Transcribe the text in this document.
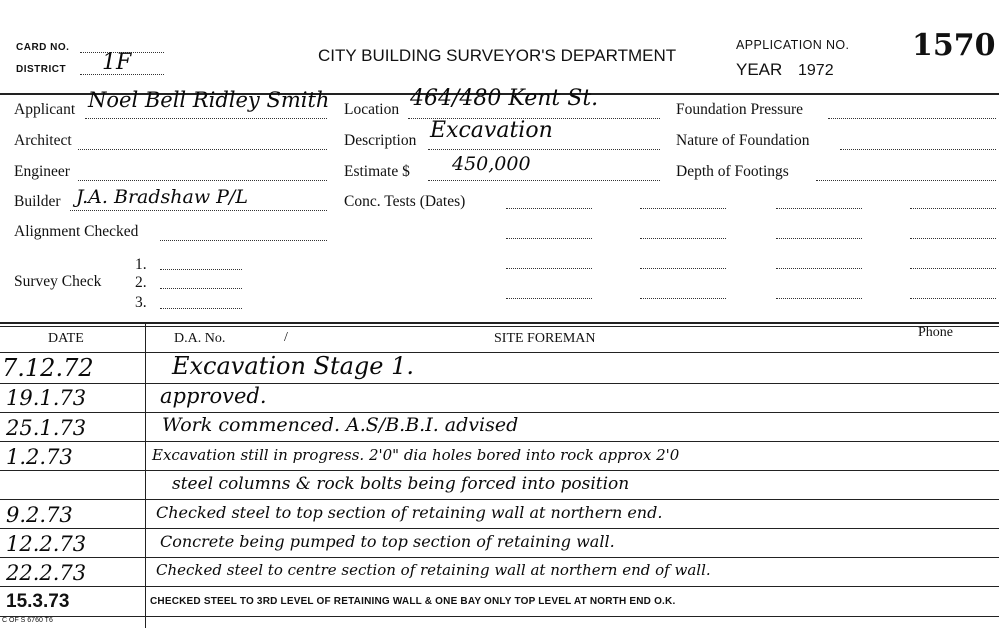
CARD NO.
DISTRICT 1F	CITY BUILDING SURVEYOR'S DEPARTMENT
APPLICATION NO.
YEAR 1972
1570
Applicant Noel Bell Ridley Smith
Architect
Engineer
Builder J.A. Bradshaw P/L
Alignment Checked
Survey Check
1.
2.
3.
Location 464/480 Kent St.
Description Excavation
Estimate $ 450,000
Conc. Tests (Dates)
Foundation Pressure
Nature of Foundation
Depth of Footings
DATE	D.A. No.	/	SITE FOREMAN	Phone
7.12.72	Excavation Stage 1.
19.1.73	approved.
25.1.73	Work commenced. A.S/B.B.I. advised
1.2.73	Excavation still in progress. 2'0" dia holes bored into rock approx 2'0
steel columns & rock bolts being forced into position
9.2.73	Checked steel to top section of retaining wall at northern end.
12.2.73	Concrete being pumped to top section of retaining wall.
22.2.73	Checked steel to centre section of retaining wall at northern end of wall.
15.3.73	CHECKED STEEL TO 3RD LEVEL OF RETAINING WALL & ONE BAY ONLY TOP LEVEL AT NORTH END O.K.
C OF S 6760 T6
